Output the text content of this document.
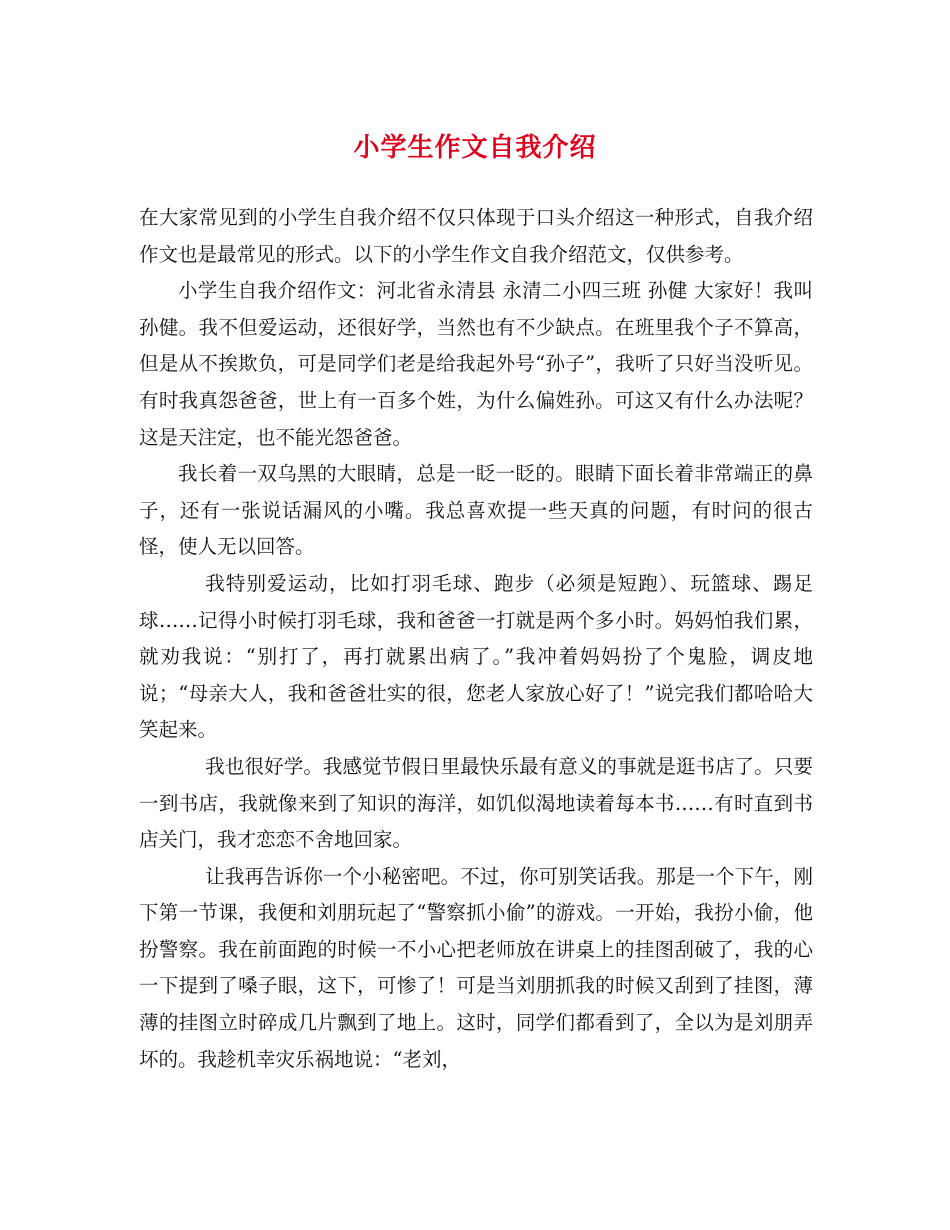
小学生作文自我介绍

在大家常见到的小学生自我介绍不仅只体现于口头介绍这一种形式，自我介绍作文也是最常见的形式。以下的小学生作文自我介绍范文，仅供参考。

小学生自我介绍作文：河北省永清县 永清二小四三班 孙健 大家好！我叫孙健。我不但爱运动，还很好学，当然也有不少缺点。在班里我个子不算高，但是从不挨欺负，可是同学们老是给我起外号“孙子”，我听了只好当没听见。有时我真怨爸爸，世上有一百多个姓，为什么偏姓孙。可这又有什么办法呢？这是天注定，也不能光怨爸爸。

我长着一双乌黑的大眼睛，总是一眨一眨的。眼睛下面长着非常端正的鼻子，还有一张说话漏风的小嘴。我总喜欢提一些天真的问题，有时问的很古怪，使人无以回答。

我特别爱运动，比如打羽毛球、跑步（必须是短跑）、玩篮球、踢足球……记得小时候打羽毛球，我和爸爸一打就是两个多小时。妈妈怕我们累，就劝我说：“别打了，再打就累出病了。”我冲着妈妈扮了个鬼脸，调皮地说；“母亲大人，我和爸爸壮实的很，您老人家放心好了！”说完我们都哈哈大笑起来。

我也很好学。我感觉节假日里最快乐最有意义的事就是逛书店了。只要一到书店，我就像来到了知识的海洋，如饥似渴地读着每本书……有时直到书店关门，我才恋恋不舍地回家。

让我再告诉你一个小秘密吧。不过，你可别笑话我。那是一个下午，刚下第一节课，我便和刘朋玩起了“警察抓小偷”的游戏。一开始，我扮小偷，他扮警察。我在前面跑的时候一不小心把老师放在讲桌上的挂图刮破了，我的心一下提到了嗓子眼，这下，可惨了！可是当刘朋抓我的时候又刮到了挂图，薄薄的挂图立时碎成几片飘到了地上。这时，同学们都看到了，全以为是刘朋弄坏的。我趁机幸灾乐祸地说：“老刘，
